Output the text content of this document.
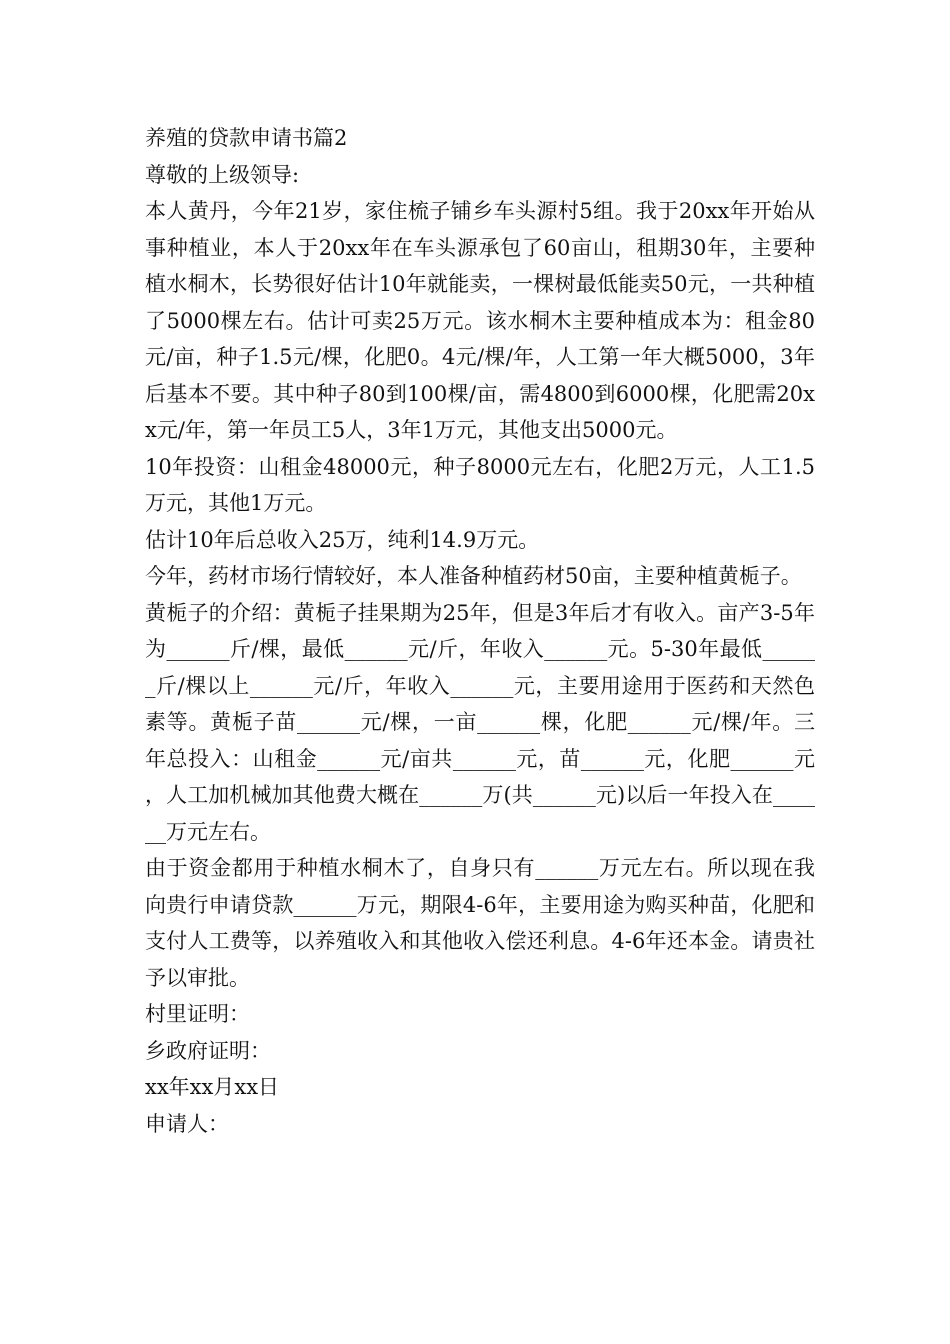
养殖的贷款申请书篇2

尊敬的上级领导:

本人黄丹，今年21岁，家住梳子铺乡车头源村5组。我于20xx年开始从事种植业，本人于20xx年在车头源承包了60亩山，租期30年，主要种植水桐木，长势很好估计10年就能卖，一棵树最低能卖50元，一共种植了5000棵左右。估计可卖25万元。该水桐木主要种植成本为：租金80元/亩，种子1.5元/棵，化肥0。4元/棵/年，人工第一年大概5000，3年后基本不要。其中种子80到100棵/亩，需4800到6000棵，化肥需20xx元/年，第一年员工5人，3年1万元，其他支出5000元。

10年投资：山租金48000元，种子8000元左右，化肥2万元，人工1.5万元，其他1万元。

估计10年后总收入25万，纯利14.9万元。

今年，药材市场行情较好，本人准备种植药材50亩，主要种植黄栀子。

黄栀子的介绍：黄栀子挂果期为25年，但是3年后才有收入。亩产3-5年为______斤/棵，最低______元/斤，年收入______元。5-30年最低______斤/棵以上______元/斤，年收入______元，主要用途用于医药和天然色素等。黄栀子苗______元/棵，一亩______棵，化肥______元/棵/年。三年总投入：山租金______元/亩共______元，苗______元，化肥______元，人工加机械加其他费大概在______万(共______元)以后一年投入在______万元左右。

由于资金都用于种植水桐木了，自身只有______万元左右。所以现在我向贵行申请贷款______万元，期限4-6年，主要用途为购买种苗，化肥和支付人工费等，以养殖收入和其他收入偿还利息。4-6年还本金。请贵社予以审批。

村里证明：

乡政府证明：

xx年xx月xx日

申请人：
